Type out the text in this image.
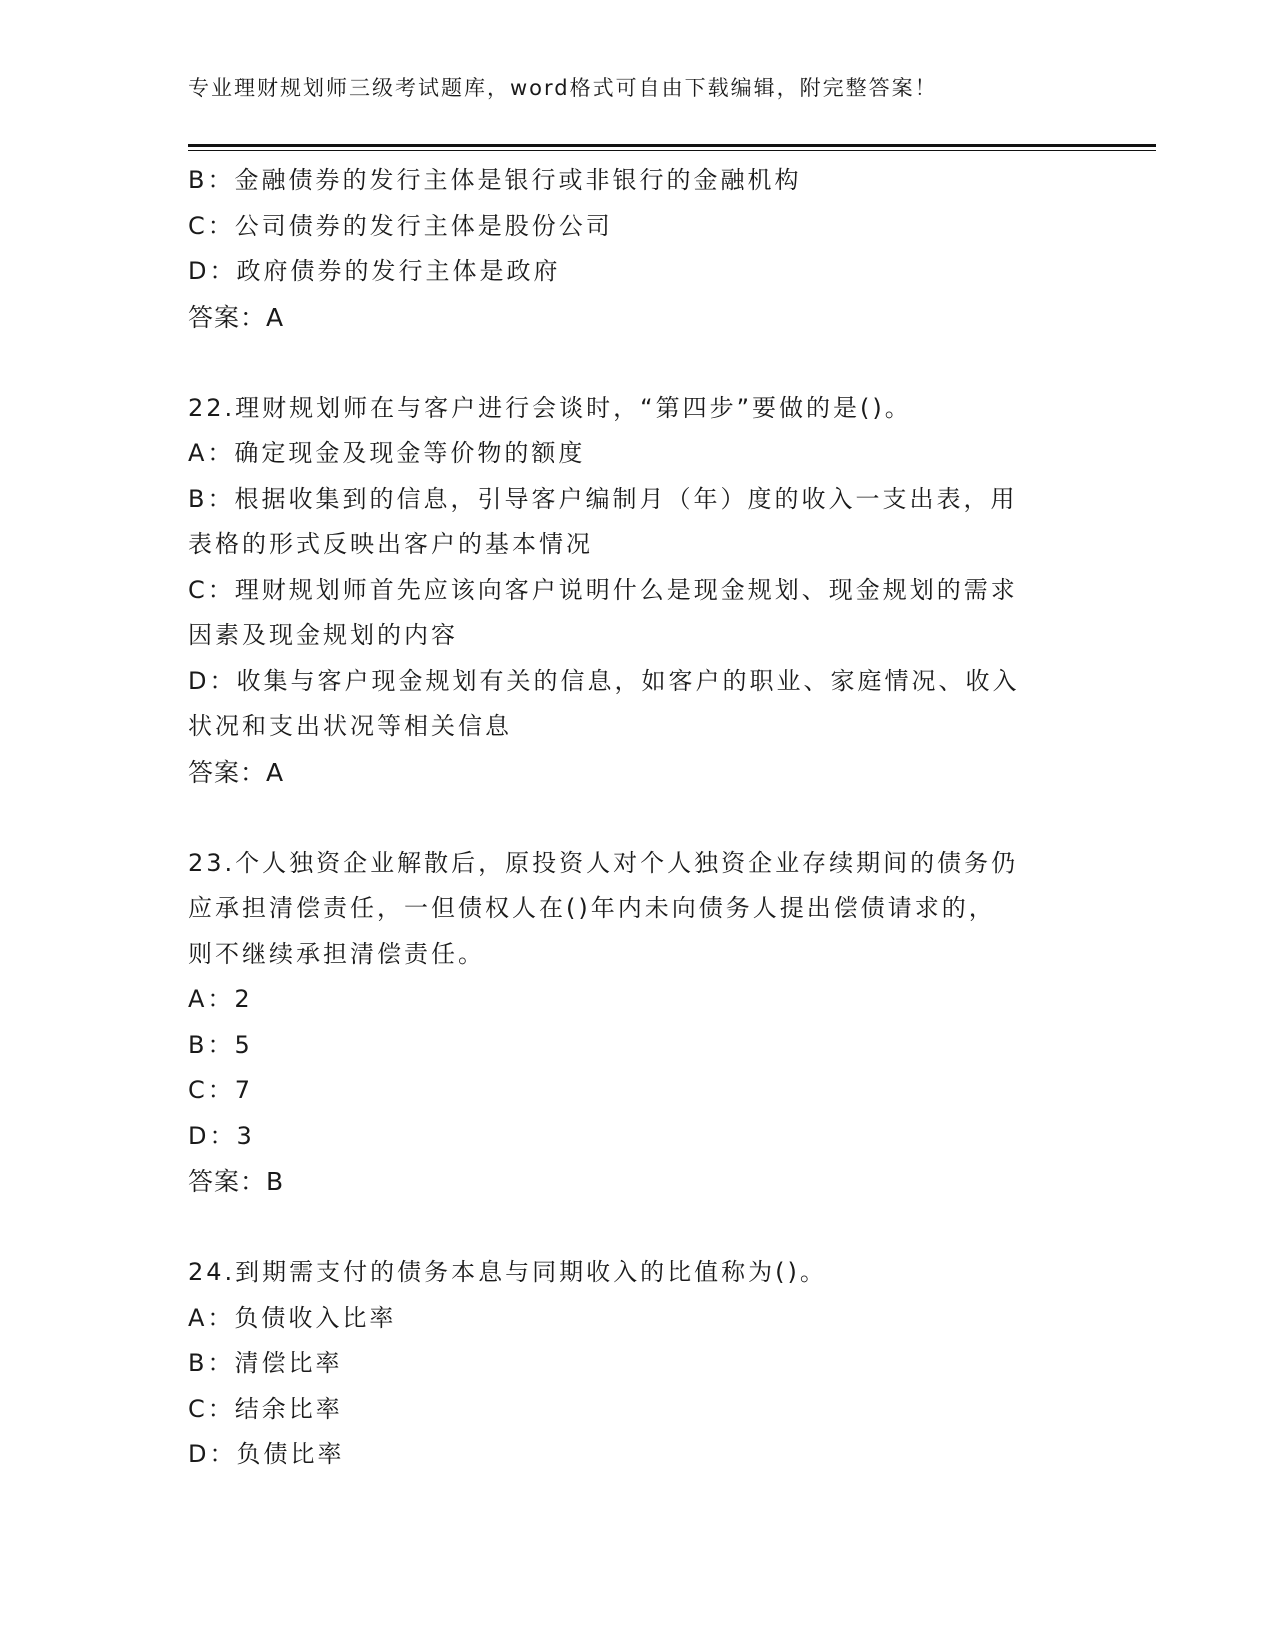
专业理财规划师三级考试题库，word格式可自由下载编辑，附完整答案！
B：金融债券的发行主体是银行或非银行的金融机构
C：公司债券的发行主体是股份公司
D：政府债券的发行主体是政府
答案：A
22.理财规划师在与客户进行会谈时，“第四步”要做的是()。
A：确定现金及现金等价物的额度
B：根据收集到的信息，引导客户编制月（年）度的收入一支出表，用
表格的形式反映出客户的基本情况
C：理财规划师首先应该向客户说明什么是现金规划、现金规划的需求
因素及现金规划的内容
D：收集与客户现金规划有关的信息，如客户的职业、家庭情况、收入
状况和支出状况等相关信息
答案：A
23.个人独资企业解散后，原投资人对个人独资企业存续期间的债务仍
应承担清偿责任，一但债权人在()年内未向债务人提出偿债请求的，
则不继续承担清偿责任。
A：2
B：5
C：7
D：3
答案：B
24.到期需支付的债务本息与同期收入的比值称为()。
A：负债收入比率
B：清偿比率
C：结余比率
D：负债比率
